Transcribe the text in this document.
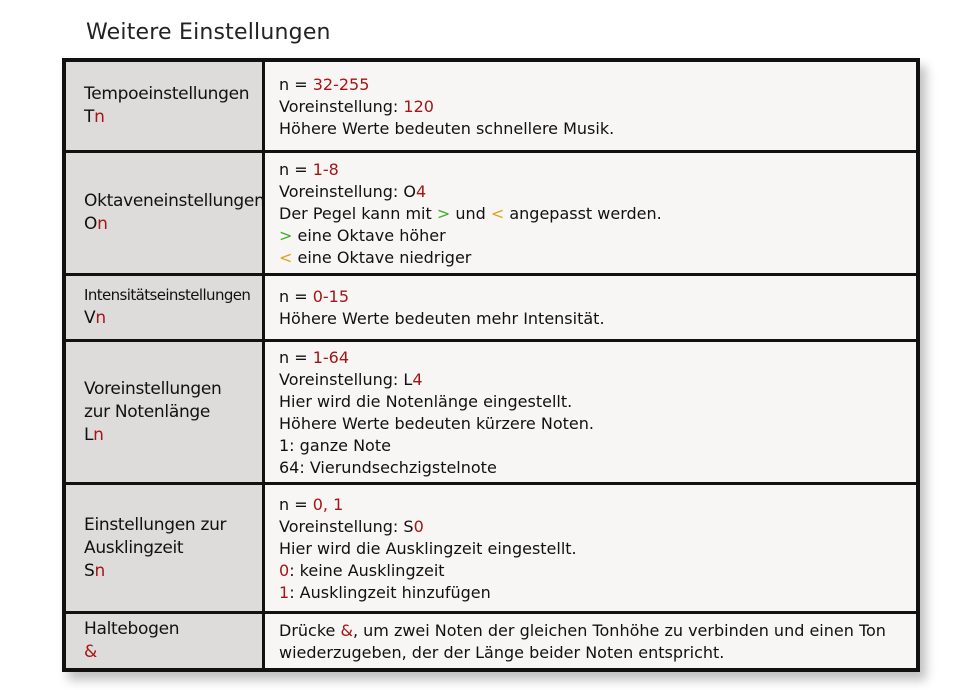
Weitere Einstellungen
Tempoeinstellungen
Tn
n = 32-255
Voreinstellung: 120
Höhere Werte bedeuten schnellere Musik.
Oktaveneinstellungen
On
n = 1-8
Voreinstellung: O4
Der Pegel kann mit > und < angepasst werden.
> eine Oktave höher
< eine Oktave niedriger
Intensitätseinstellungen
Vn
n = 0-15
Höhere Werte bedeuten mehr Intensität.
Voreinstellungen
zur Notenlänge
Ln
n = 1-64
Voreinstellung: L4
Hier wird die Notenlänge eingestellt.
Höhere Werte bedeuten kürzere Noten.
1: ganze Note
64: Vierundsechzigstelnote
Einstellungen zur
Ausklingzeit
Sn
n = 0, 1
Voreinstellung: S0
Hier wird die Ausklingzeit eingestellt.
0: keine Ausklingzeit
1: Ausklingzeit hinzufügen
Haltebogen
&
Drücke &, um zwei Noten der gleichen Tonhöhe zu verbinden und einen Ton wiederzugeben, der der Länge beider Noten entspricht.
